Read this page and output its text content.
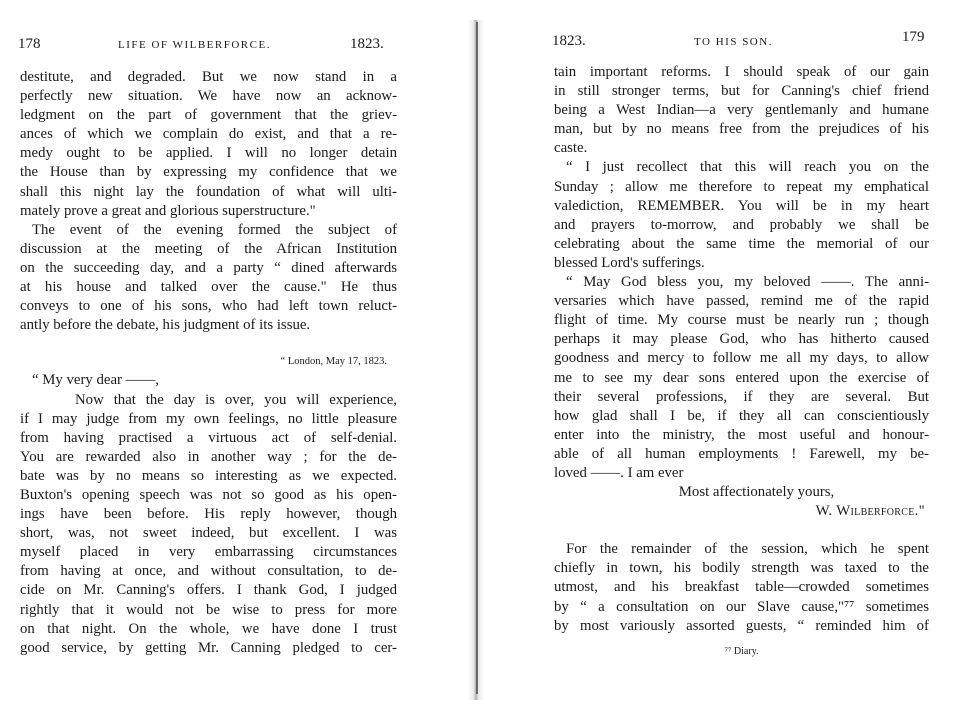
178	LIFE OF WILBERFORCE.	1823.
destitute, and degraded. But we now stand in a
perfectly new situation. We have now an acknow-
ledgment on the part of government that the griev-
ances of which we complain do exist, and that a re-
medy ought to be applied. I will no longer detain
the House than by expressing my confidence that we
shall this night lay the foundation of what will ulti-
mately prove a great and glorious superstructure."
The event of the evening formed the subject of
discussion at the meeting of the African Institution
on the succeeding day, and a party “ dined afterwards
at his house and talked over the cause." He thus
conveys to one of his sons, who had left town reluct-
antly before the debate, his judgment of its issue.
“ London, May 17, 1823.
“ My very dear ——,
Now that the day is over, you will experience,
if I may judge from my own feelings, no little pleasure
from having practised a virtuous act of self-denial.
You are rewarded also in another way ; for the de-
bate was by no means so interesting as we expected.
Buxton's opening speech was not so good as his open-
ings have been before. His reply however, though
short, was, not sweet indeed, but excellent. I was
myself placed in very embarrassing circumstances
from having at once, and without consultation, to de-
cide on Mr. Canning's offers. I thank God, I judged
rightly that it would not be wise to press for more
on that night. On the whole, we have done I trust
good service, by getting Mr. Canning pledged to cer-
1823.	TO HIS SON.	179
tain important reforms. I should speak of our gain
in still stronger terms, but for Canning's chief friend
being a West Indian—a very gentlemanly and humane
man, but by no means free from the prejudices of his
caste.
“ I just recollect that this will reach you on the
Sunday ; allow me therefore to repeat my emphatical
valediction, REMEMBER. You will be in my heart
and prayers to-morrow, and probably we shall be
celebrating about the same time the memorial of our
blessed Lord's sufferings.
“ May God bless you, my beloved ——. The anni-
versaries which have passed, remind me of the rapid
flight of time. My course must be nearly run ; though
perhaps it may please God, who has hitherto caused
goodness and mercy to follow me all my days, to allow
me to see my dear sons entered upon the exercise of
their several professions, if they are several. But
how glad shall I be, if they all can conscientiously
enter into the ministry, the most useful and honour-
able of all human employments ! Farewell, my be-
loved ——. I am ever
Most affectionately yours,
W. Wilberforce."
For the remainder of the session, which he spent
chiefly in town, his bodily strength was taxed to the
utmost, and his breakfast table—crowded sometimes
by “ a consultation on our Slave cause,"⁷⁷ sometimes
by most variously assorted guests, “ reminded him of
⁷⁷ Diary.
